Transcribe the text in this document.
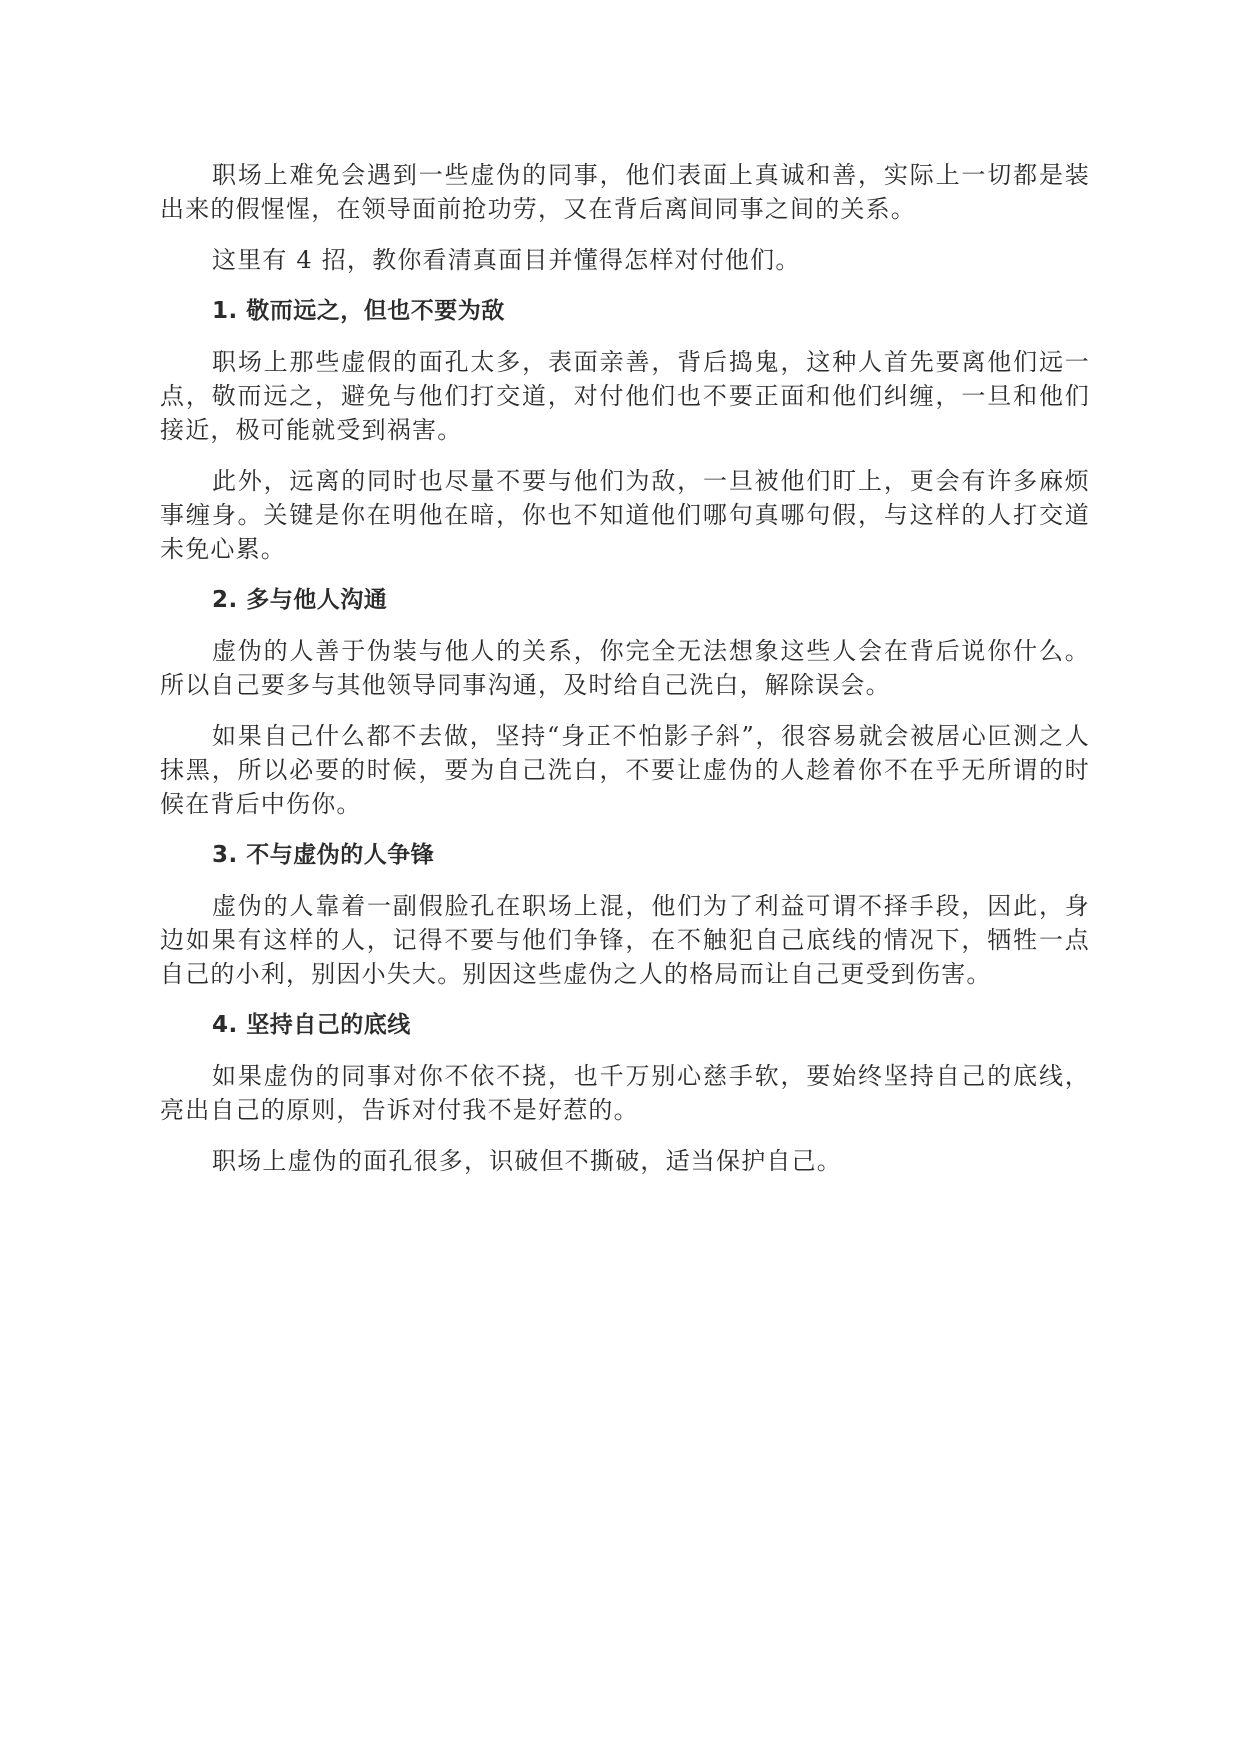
职场上难免会遇到一些虚伪的同事，他们表面上真诚和善，实际上一切都是装出来的假惺惺，在领导面前抢功劳，又在背后离间同事之间的关系。

这里有 4 招，教你看清真面目并懂得怎样对付他们。

1. 敬而远之，但也不要为敌

职场上那些虚假的面孔太多，表面亲善，背后捣鬼，这种人首先要离他们远一点，敬而远之，避免与他们打交道，对付他们也不要正面和他们纠缠，一旦和他们接近，极可能就受到祸害。

此外，远离的同时也尽量不要与他们为敌，一旦被他们盯上，更会有许多麻烦事缠身。关键是你在明他在暗，你也不知道他们哪句真哪句假，与这样的人打交道未免心累。

2. 多与他人沟通

虚伪的人善于伪装与他人的关系，你完全无法想象这些人会在背后说你什么。所以自己要多与其他领导同事沟通，及时给自己洗白，解除误会。

如果自己什么都不去做，坚持“身正不怕影子斜”，很容易就会被居心叵测之人抹黑，所以必要的时候，要为自己洗白，不要让虚伪的人趁着你不在乎无所谓的时候在背后中伤你。

3. 不与虚伪的人争锋

虚伪的人靠着一副假脸孔在职场上混，他们为了利益可谓不择手段，因此，身边如果有这样的人，记得不要与他们争锋，在不触犯自己底线的情况下，牺牲一点自己的小利，别因小失大。别因这些虚伪之人的格局而让自己更受到伤害。

4. 坚持自己的底线

如果虚伪的同事对你不依不挠，也千万别心慈手软，要始终坚持自己的底线，亮出自己的原则，告诉对付我不是好惹的。

职场上虚伪的面孔很多，识破但不撕破，适当保护自己。
